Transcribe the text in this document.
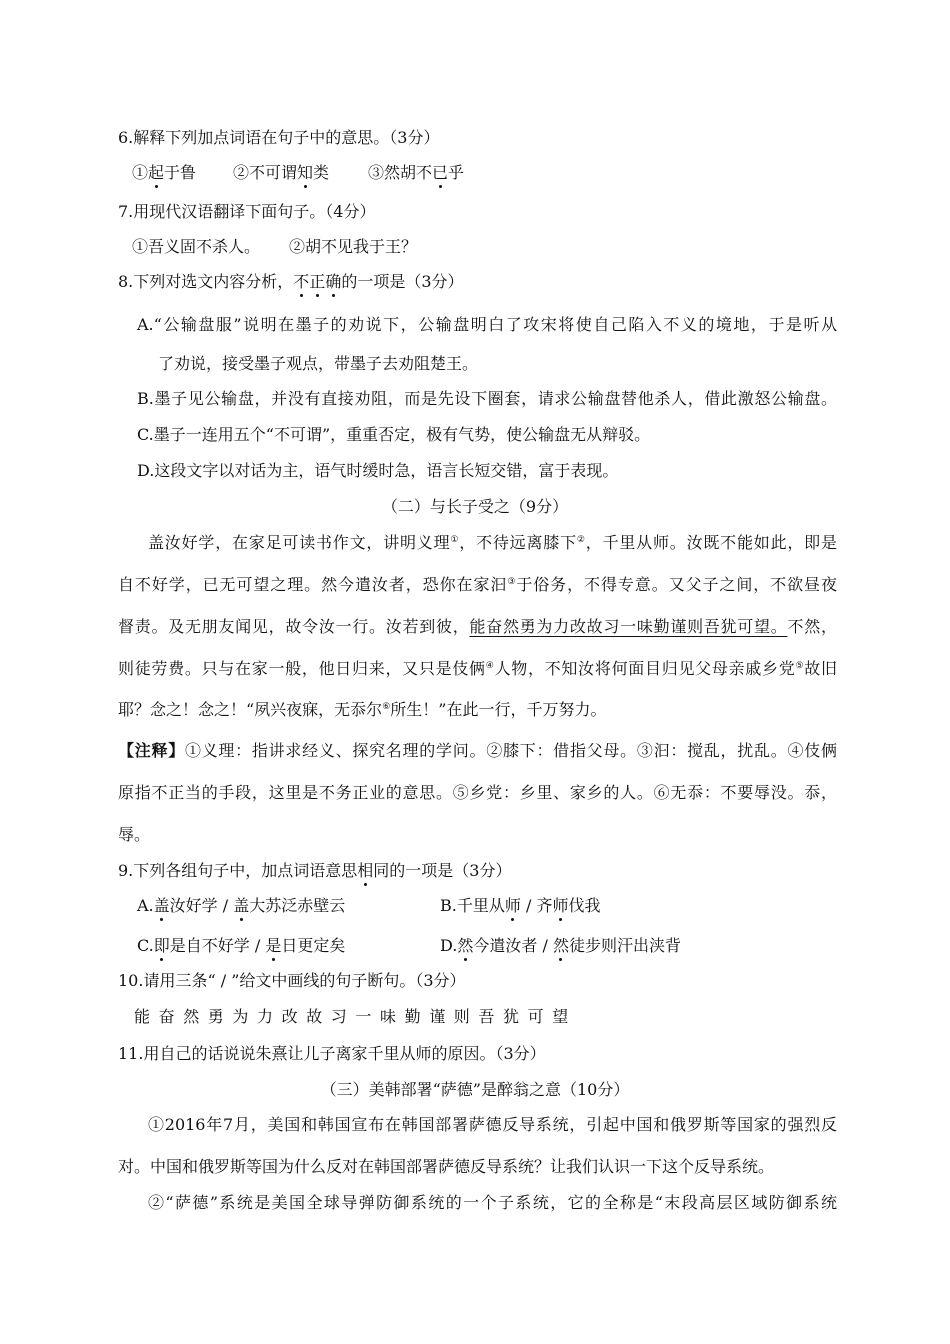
6.解释下列加点词语在句子中的意思。（3分）
①起于鲁 ②不可谓知类 ③然胡不已乎
7.用现代汉语翻译下面句子。（4分）
①吾义固不杀人。 ②胡不见我于王？
8.下列对选文内容分析，不正确的一项是（3分）
A.“公输盘服”说明在墨子的劝说下，公输盘明白了攻宋将使自己陷入不义的境地，于是听从
了劝说，接受墨子观点，带墨子去劝阻楚王。
B.墨子见公输盘，并没有直接劝阻，而是先设下圈套，请求公输盘替他杀人，借此激怒公输盘。
C.墨子一连用五个“不可谓”，重重否定，极有气势，使公输盘无从辩驳。
D.这段文字以对话为主，语气时缓时急，语言长短交错，富于表现。
（二）与长子受之（9分）
盖汝好学，在家足可读书作文，讲明义理①，不待远离膝下②，千里从师。汝既不能如此，即是
自不好学，已无可望之理。然今遣汝者，恐你在家汩③于俗务，不得专意。又父子之间，不欲昼夜
督责。及无朋友闻见，故令汝一行。汝若到彼，能奋然勇为力改故习一味勤谨则吾犹可望。不然，
则徒劳费。只与在家一般，他日归来，又只是伎俩④人物，不知汝将何面目归见父母亲戚乡党⑤故旧
耶？念之！念之！“夙兴夜寐，无忝尔⑥所生！”在此一行，千万努力。
【注释】①义理：指讲求经义、探究名理的学问。②膝下：借指父母。③汩：搅乱，扰乱。④伎俩
原指不正当的手段，这里是不务正业的意思。⑤乡党：乡里、家乡的人。⑥无忝：不要辱没。忝，
辱。
9.下列各组句子中，加点词语意思相同的一项是（3分）
A.盖汝好学 / 盖大苏泛赤壁云	B.千里从师 / 齐师伐我
C.即是自不好学 / 是日更定矣	D.然今遣汝者 / 然徒步则汗出浃背
10.请用三条“ / ”给文中画线的句子断句。（3分）
能奋然勇为力改故习一味勤谨则吾犹可望
11.用自己的话说说朱熹让儿子离家千里从师的原因。（3分）
（三）美韩部署“萨德”是醉翁之意（10分）
①2016年7月，美国和韩国宣布在韩国部署萨德反导系统，引起中国和俄罗斯等国家的强烈反
对。中国和俄罗斯等国为什么反对在韩国部署萨德反导系统？让我们认识一下这个反导系统。
②“萨德”系统是美国全球导弹防御系统的一个子系统，它的全称是“末段高层区域防御系统
